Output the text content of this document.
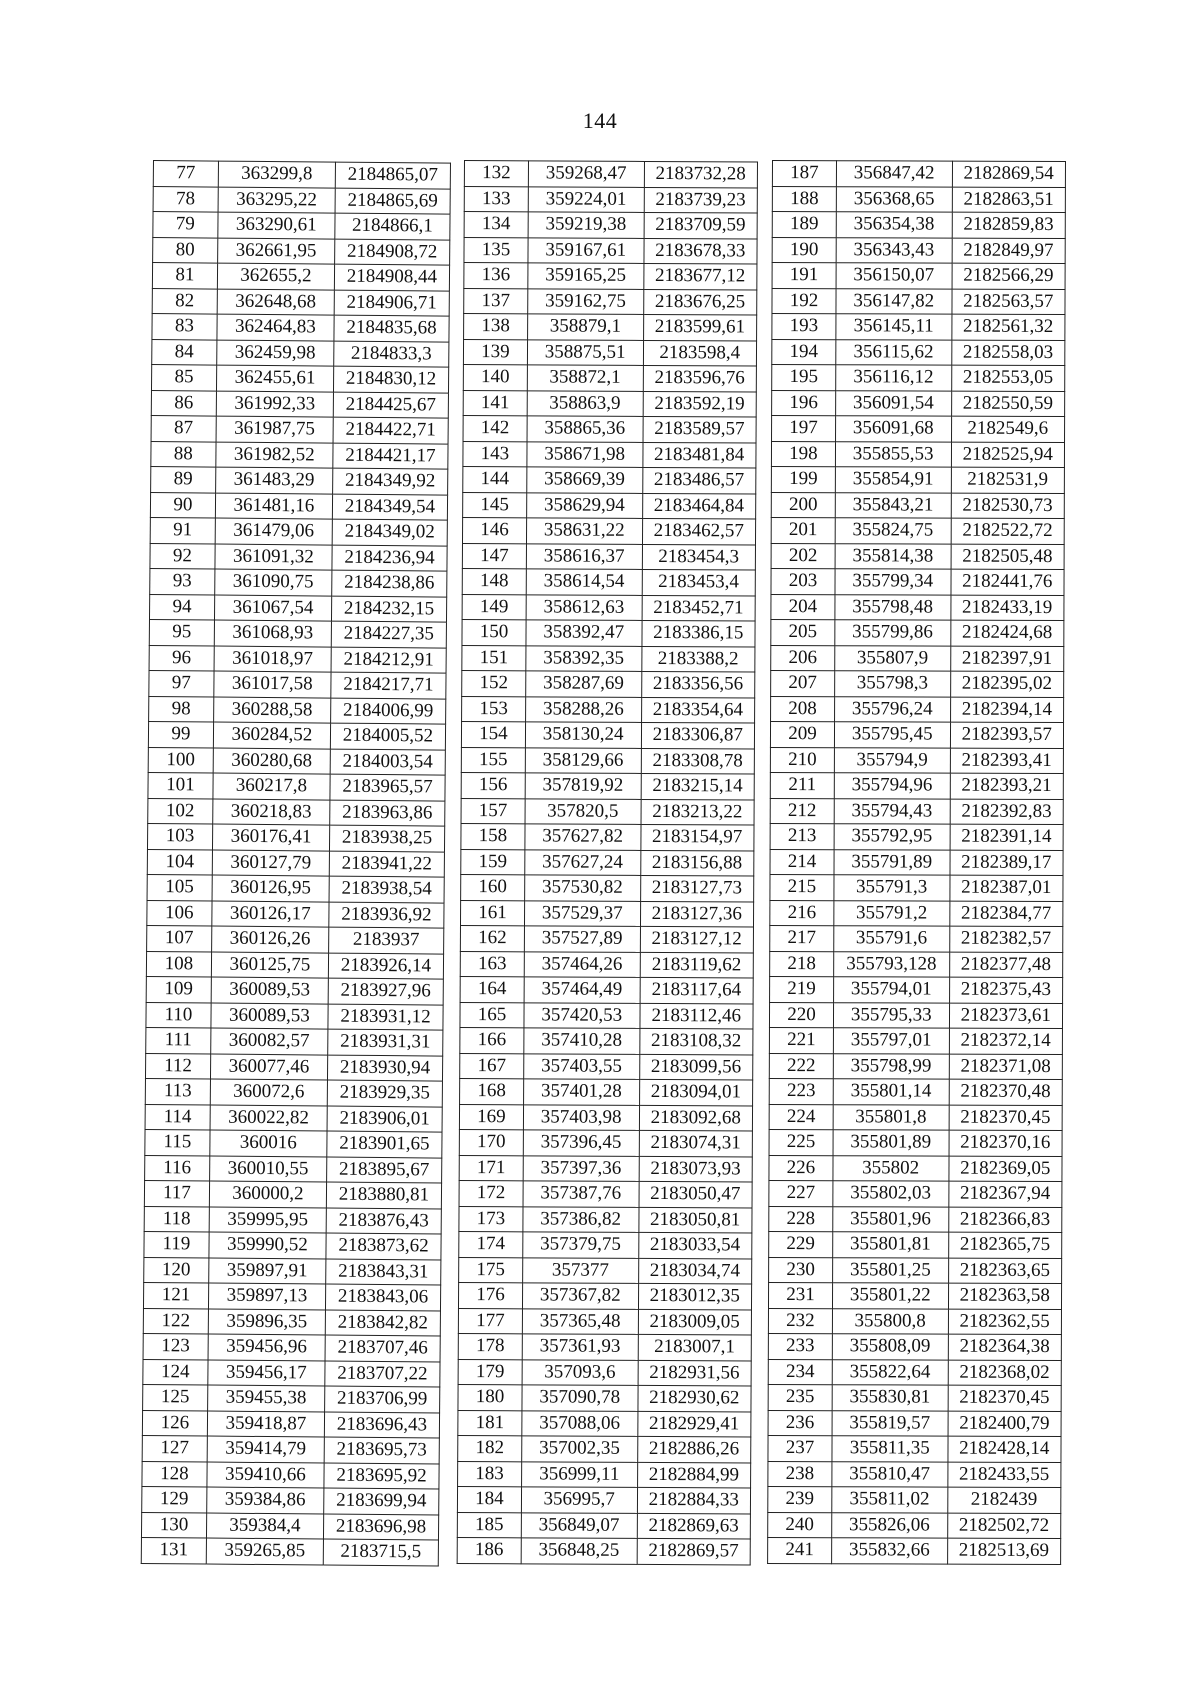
144
77	363299,8	2184865,07
78	363295,22	2184865,69
79	363290,61	2184866,1
80	362661,95	2184908,72
81	362655,2	2184908,44
82	362648,68	2184906,71
83	362464,83	2184835,68
84	362459,98	2184833,3
85	362455,61	2184830,12
86	361992,33	2184425,67
87	361987,75	2184422,71
88	361982,52	2184421,17
89	361483,29	2184349,92
90	361481,16	2184349,54
91	361479,06	2184349,02
92	361091,32	2184236,94
93	361090,75	2184238,86
94	361067,54	2184232,15
95	361068,93	2184227,35
96	361018,97	2184212,91
97	361017,58	2184217,71
98	360288,58	2184006,99
99	360284,52	2184005,52
100	360280,68	2184003,54
101	360217,8	2183965,57
102	360218,83	2183963,86
103	360176,41	2183938,25
104	360127,79	2183941,22
105	360126,95	2183938,54
106	360126,17	2183936,92
107	360126,26	2183937
108	360125,75	2183926,14
109	360089,53	2183927,96
110	360089,53	2183931,12
111	360082,57	2183931,31
112	360077,46	2183930,94
113	360072,6	2183929,35
114	360022,82	2183906,01
115	360016	2183901,65
116	360010,55	2183895,67
117	360000,2	2183880,81
118	359995,95	2183876,43
119	359990,52	2183873,62
120	359897,91	2183843,31
121	359897,13	2183843,06
122	359896,35	2183842,82
123	359456,96	2183707,46
124	359456,17	2183707,22
125	359455,38	2183706,99
126	359418,87	2183696,43
127	359414,79	2183695,73
128	359410,66	2183695,92
129	359384,86	2183699,94
130	359384,4	2183696,98
131	359265,85	2183715,5
132	359268,47	2183732,28
133	359224,01	2183739,23
134	359219,38	2183709,59
135	359167,61	2183678,33
136	359165,25	2183677,12
137	359162,75	2183676,25
138	358879,1	2183599,61
139	358875,51	2183598,4
140	358872,1	2183596,76
141	358863,9	2183592,19
142	358865,36	2183589,57
143	358671,98	2183481,84
144	358669,39	2183486,57
145	358629,94	2183464,84
146	358631,22	2183462,57
147	358616,37	2183454,3
148	358614,54	2183453,4
149	358612,63	2183452,71
150	358392,47	2183386,15
151	358392,35	2183388,2
152	358287,69	2183356,56
153	358288,26	2183354,64
154	358130,24	2183306,87
155	358129,66	2183308,78
156	357819,92	2183215,14
157	357820,5	2183213,22
158	357627,82	2183154,97
159	357627,24	2183156,88
160	357530,82	2183127,73
161	357529,37	2183127,36
162	357527,89	2183127,12
163	357464,26	2183119,62
164	357464,49	2183117,64
165	357420,53	2183112,46
166	357410,28	2183108,32
167	357403,55	2183099,56
168	357401,28	2183094,01
169	357403,98	2183092,68
170	357396,45	2183074,31
171	357397,36	2183073,93
172	357387,76	2183050,47
173	357386,82	2183050,81
174	357379,75	2183033,54
175	357377	2183034,74
176	357367,82	2183012,35
177	357365,48	2183009,05
178	357361,93	2183007,1
179	357093,6	2182931,56
180	357090,78	2182930,62
181	357088,06	2182929,41
182	357002,35	2182886,26
183	356999,11	2182884,99
184	356995,7	2182884,33
185	356849,07	2182869,63
186	356848,25	2182869,57
187	356847,42	2182869,54
188	356368,65	2182863,51
189	356354,38	2182859,83
190	356343,43	2182849,97
191	356150,07	2182566,29
192	356147,82	2182563,57
193	356145,11	2182561,32
194	356115,62	2182558,03
195	356116,12	2182553,05
196	356091,54	2182550,59
197	356091,68	2182549,6
198	355855,53	2182525,94
199	355854,91	2182531,9
200	355843,21	2182530,73
201	355824,75	2182522,72
202	355814,38	2182505,48
203	355799,34	2182441,76
204	355798,48	2182433,19
205	355799,86	2182424,68
206	355807,9	2182397,91
207	355798,3	2182395,02
208	355796,24	2182394,14
209	355795,45	2182393,57
210	355794,9	2182393,41
211	355794,96	2182393,21
212	355794,43	2182392,83
213	355792,95	2182391,14
214	355791,89	2182389,17
215	355791,3	2182387,01
216	355791,2	2182384,77
217	355791,6	2182382,57
218	355793,128	2182377,48
219	355794,01	2182375,43
220	355795,33	2182373,61
221	355797,01	2182372,14
222	355798,99	2182371,08
223	355801,14	2182370,48
224	355801,8	2182370,45
225	355801,89	2182370,16
226	355802	2182369,05
227	355802,03	2182367,94
228	355801,96	2182366,83
229	355801,81	2182365,75
230	355801,25	2182363,65
231	355801,22	2182363,58
232	355800,8	2182362,55
233	355808,09	2182364,38
234	355822,64	2182368,02
235	355830,81	2182370,45
236	355819,57	2182400,79
237	355811,35	2182428,14
238	355810,47	2182433,55
239	355811,02	2182439
240	355826,06	2182502,72
241	355832,66	2182513,69
